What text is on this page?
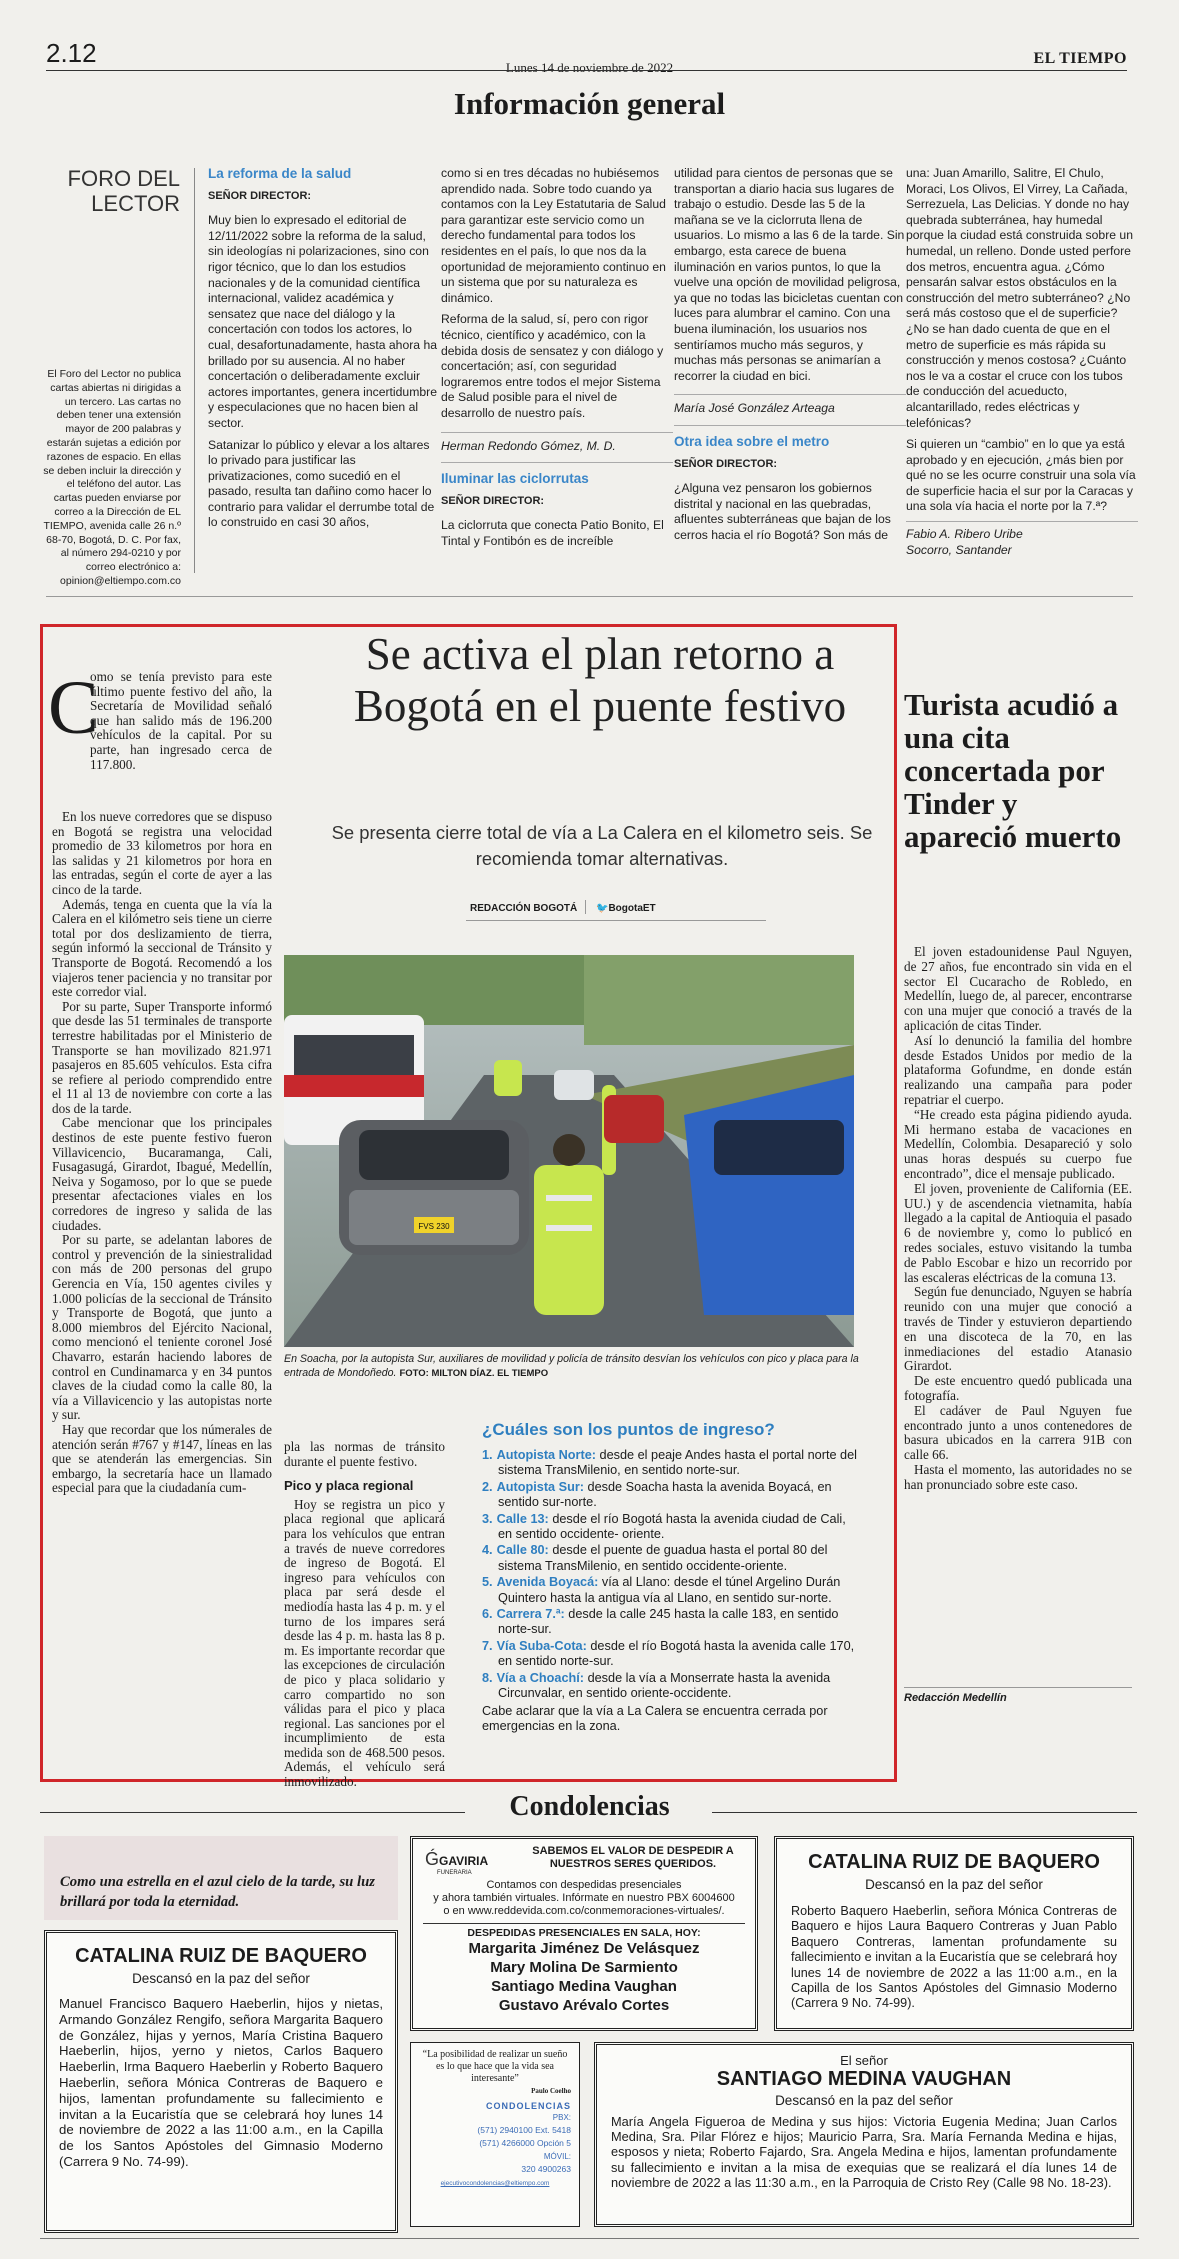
2.12	Lunes 14 de noviembre de 2022
EL TIEMPO
Información general
FORO DEL LECTOR
El Foro del Lector no publica cartas abiertas ni dirigidas a un tercero. Las cartas no deben tener una extensión mayor de 200 palabras y estarán sujetas a edición por razones de espacio. En ellas se deben incluir la dirección y el teléfono del autor. Las cartas pueden enviarse por correo a la Dirección de EL TIEMPO, avenida calle 26 n.º 68-70, Bogotá, D. C. Por fax, al número 294-0210 y por correo electrónico a: opinion@eltiempo.com.co
La reforma de la salud
SEÑOR DIRECTOR:

Muy bien lo expresado el editorial de 12/11/2022 sobre la reforma de la salud, sin ideologías ni polarizaciones, sino con rigor técnico, que lo dan los estudios nacionales y de la comunidad científica internacional, validez académica y sensatez que nace del diálogo y la concertación con todos los actores, lo cual, desafortunadamente, hasta ahora ha brillado por su ausencia. Al no haber concertación o deliberadamente excluir actores importantes, genera incertidumbre y especulaciones que no hacen bien al sector.

Satanizar lo público y elevar a los altares lo privado para justificar las privatizaciones, como sucedió en el pasado, resulta tan dañino como hacer lo contrario para validar el derrumbe total de lo construido en casi 30 años,

como si en tres décadas no hubiésemos aprendido nada. Sobre todo cuando ya contamos con la Ley Estatutaria de Salud para garantizar este servicio como un derecho fundamental para todos los residentes en el país, lo que nos da la oportunidad de mejoramiento continuo en un sistema que por su naturaleza es dinámico.

Reforma de la salud, sí, pero con rigor técnico, científico y académico, con la debida dosis de sensatez y con diálogo y concertación; así, con seguridad lograremos entre todos el mejor Sistema de Salud posible para el nivel de desarrollo de nuestro país.

Herman Redondo Gómez, M. D.
Iluminar las ciclorrutas
SEÑOR DIRECTOR:

La ciclorruta que conecta Patio Bonito, El Tintal y Fontibón es de increíble

utilidad para cientos de personas que se transportan a diario hacia sus lugares de trabajo o estudio. Desde las 5 de la mañana se ve la ciclorruta llena de usuarios. Lo mismo a las 6 de la tarde. Sin embargo, esta carece de buena iluminación en varios puntos, lo que la vuelve una opción de movilidad peligrosa, ya que no todas las bicicletas cuentan con luces para alumbrar el camino. Con una buena iluminación, los usuarios nos sentiríamos mucho más seguros, y muchas más personas se animarían a recorrer la ciudad en bici.

María José González Arteaga
Otra idea sobre el metro
SEÑOR DIRECTOR:

¿Alguna vez pensaron los gobiernos distrital y nacional en las quebradas, afluentes subterráneas que bajan de los cerros hacia el río Bogotá? Son más de

una: Juan Amarillo, Salitre, El Chulo, Moraci, Los Olivos, El Virrey, La Cañada, Serrezuela, Las Delicias. Y donde no hay quebrada subterránea, hay humedal porque la ciudad está construida sobre un humedal, un relleno. Donde usted perfore dos metros, encuentra agua. ¿Cómo pensarán salvar estos obstáculos en la construcción del metro subterráneo? ¿No será más costoso que el de superficie? ¿No se han dado cuenta de que en el metro de superficie es más rápida su construcción y menos costosa? ¿Cuánto nos le va a costar el cruce con los tubos de conducción del acueducto, alcantarillado, redes eléctricas y telefónicas?

Si quieren un “cambio” en lo que ya está aprobado y en ejecución, ¿más bien por qué no se les ocurre construir una sola vía de superficie hacia el sur por la Caracas y una sola vía hacia el norte por la 7.ª?

Fabio A. Ribero Uribe
Socorro, Santander
Se activa el plan retorno a Bogotá en el puente festivo
Se presenta cierre total de vía a La Calera en el kilometro seis. Se recomienda tomar alternativas.
REDACCIÓN BOGOTÁ 🐦BogotaET
FVS 230
En Soacha, por la autopista Sur, auxiliares de movilidad y policía de tránsito desvían los vehículos con pico y placa para la entrada de Mondoñedo. FOTO: MILTON DÍAZ. EL TIEMPO
C

omo se tenía previsto para este último puente festivo del año, la Secretaría de Movilidad señaló que han salido más de 196.200 vehículos de la capital. Por su parte, han ingresado cerca de 117.800.

En los nueve corredores que se dispuso en Bogotá se registra una velocidad promedio de 33 kilometros por hora en las salidas y 21 kilometros por hora en las entradas, según el corte de ayer a las cinco de la tarde.

Además, tenga en cuenta que la vía la Calera en el kilómetro seis tiene un cierre total por dos deslizamiento de tierra, según informó la seccional de Tránsito y Transporte de Bogotá. Recomendó a los viajeros tener paciencia y no transitar por este corredor vial.

Por su parte, Super Transporte informó que desde las 51 terminales de transporte terrestre habilitadas por el Ministerio de Transporte se han movilizado 821.971 pasajeros en 85.605 vehículos. Esta cifra se refiere al periodo comprendido entre el 11 al 13 de noviembre con corte a las dos de la tarde.

Cabe mencionar que los principales destinos de este puente festivo fueron Villavicencio, Bucaramanga, Cali, Fusagasugá, Girardot, Ibagué, Medellín, Neiva y Sogamoso, por lo que se puede presentar afectaciones viales en los corredores de ingreso y salida de las ciudades.

Por su parte, se adelantan labores de control y prevención de la siniestralidad con más de 200 personas del grupo Gerencia en Vía, 150 agentes civiles y 1.000 policías de la seccional de Tránsito y Transporte de Bogotá, que junto a 8.000 miembros del Ejército Nacional, como mencionó el teniente coronel José Chavarro, estarán haciendo labores de control en Cundinamarca y en 34 puntos claves de la ciudad como la calle 80, la vía a Villavicencio y las autopistas norte y sur.

Hay que recordar que los númerales de atención serán #767 y #147, líneas en las que se atenderán las emergencias. Sin embargo, la secretaría hace un llamado especial para que la ciudadanía cum-

pla las normas de tránsito durante el puente festivo.

Pico y placa regional

Hoy se registra un pico y placa regional que aplicará para los vehículos que entran a través de nueve corredores de ingreso de Bogotá. El ingreso para vehículos con placa par será desde el mediodía hasta las 4 p. m. y el turno de los impares será desde las 4 p. m. hasta las 8 p. m. Es importante recordar que las excepciones de circulación de pico y placa solidario y carro compartido no son válidas para el pico y placa regional. Las sanciones por el incumplimiento de esta medida son de 468.500 pesos. Además, el vehículo será inmovilizado.

¿Cuáles son los puntos de ingreso?
1. Autopista Norte: desde el peaje Andes hasta el portal norte del sistema TransMilenio, en sentido norte-sur.
2. Autopista Sur: desde Soacha hasta la avenida Boyacá, en sentido sur-norte.
3. Calle 13: desde el río Bogotá hasta la avenida ciudad de Cali, en sentido occidente- oriente.
4. Calle 80: desde el puente de guadua hasta el portal 80 del sistema TransMilenio, en sentido occidente-oriente.
5. Avenida Boyacá: vía al Llano: desde el túnel Argelino Durán Quintero hasta la antigua vía al Llano, en sentido sur-norte.
6. Carrera 7.ª: desde la calle 245 hasta la calle 183, en sentido norte-sur.
7. Vía Suba-Cota: desde el río Bogotá hasta la avenida calle 170, en sentido norte-sur.
8. Vía a Choachí: desde la vía a Monserrate hasta la avenida Circunvalar, en sentido oriente-occidente.
Cabe aclarar que la vía a La Calera se encuentra cerrada por emergencias en la zona.
Turista acudió a una cita concertada por Tinder y apareció muerto

El joven estadounidense Paul Nguyen, de 27 años, fue encontrado sin vida en el sector El Cucaracho de Robledo, en Medellín, luego de, al parecer, encontrarse con una mujer que conoció a través de la aplicación de citas Tinder.

Así lo denunció la familia del hombre desde Estados Unidos por medio de la plataforma Gofundme, en donde están realizando una campaña para poder repatriar el cuerpo.

“He creado esta página pidiendo ayuda. Mi hermano estaba de vacaciones en Medellín, Colombia. Desapareció y solo unas horas después su cuerpo fue encontrado”, dice el mensaje publicado.

El joven, proveniente de California (EE. UU.) y de ascendencia vietnamita, había llegado a la capital de Antioquia el pasado 6 de noviembre y, como lo publicó en redes sociales, estuvo visitando la tumba de Pablo Escobar e hizo un recorrido por las escaleras eléctricas de la comuna 13.

Según fue denunciado, Nguyen se habría reunido con una mujer que conoció a través de Tinder y estuvieron departiendo en una discoteca de la 70, en las inmediaciones del estadio Atanasio Girardot.

De este encuentro quedó publicada una fotografía.

El cadáver de Paul Nguyen fue encontrado junto a unos contenedores de basura ubicados en la carrera 91B con calle 66.

Hasta el momento, las autoridades no se han pronunciado sobre este caso.

Redacción Medellín
Condolencias
Como una estrella en el azul cielo de la tarde, su luz brillará por toda la eternidad.
CATALINA RUIZ DE BAQUERO
Descansó en la paz del señor
Manuel Francisco Baquero Haeberlin, hijos y nietas, Armando González Rengifo, señora Margarita Baquero de González, hijas y yernos, María Cristina Baquero Haeberlin, hijos, yerno y nietos, Carlos Baquero Haeberlin, Irma Baquero Haeberlin y Roberto Baquero Haeberlin, señora Mónica Contreras de Baquero e hijos, lamentan profundamente su fallecimiento e invitan a la Eucaristía que se celebrará hoy lunes 14 de noviembre de 2022 a las 11:00 a.m., en la Capilla de los Santos Apóstoles del Gimnasio Moderno (Carrera 9 No. 74-99).
ǴGAVIRIA
FUNERARIA
SABEMOS EL VALOR DE DESPEDIR A NUESTROS SERES QUERIDOS.
Contamos con despedidas presenciales
y ahora también virtuales. Infórmate en nuestro PBX 6004600
o en www.reddevida.com.co/conmemoraciones-virtuales/.
DESPEDIDAS PRESENCIALES EN SALA, HOY:
Margarita Jiménez De Velásquez
Mary Molina De Sarmiento
Santiago Medina Vaughan
Gustavo Arévalo Cortes
“La posibilidad de realizar un sueño es lo que hace que la vida sea interesante”
Paulo Coelho
CONDOLENCIAS
PBX:
(571) 2940100 Ext. 5418
(571) 4266000 Opción 5
MÓVIL:
320 4900263
ejecutivocondolencias@eltiempo.com
CATALINA RUIZ DE BAQUERO
Descansó en la paz del señor
Roberto Baquero Haeberlin, señora Mónica Contreras de Baquero e hijos Laura Baquero Contreras y Juan Pablo Baquero Contreras, lamentan profundamente su fallecimiento e invitan a la Eucaristía que se celebrará hoy lunes 14 de noviembre de 2022 a las 11:00 a.m., en la Capilla de los Santos Apóstoles del Gimnasio Moderno (Carrera 9 No. 74-99).
El señor
SANTIAGO MEDINA VAUGHAN
Descansó en la paz del señor
María Angela Figueroa de Medina y sus hijos: Victoria Eugenia Medina; Juan Carlos Medina, Sra. Pilar Flórez e hijos; Mauricio Parra, Sra. María Fernanda Medina e hijas, esposos y nieta; Roberto Fajardo, Sra. Angela Medina e hijos, lamentan profundamente su fallecimiento e invitan a la misa de exequias que se realizará el día lunes 14 de noviembre de 2022 a las 11:30 a.m., en la Parroquia de Cristo Rey (Calle 98 No. 18-23).
